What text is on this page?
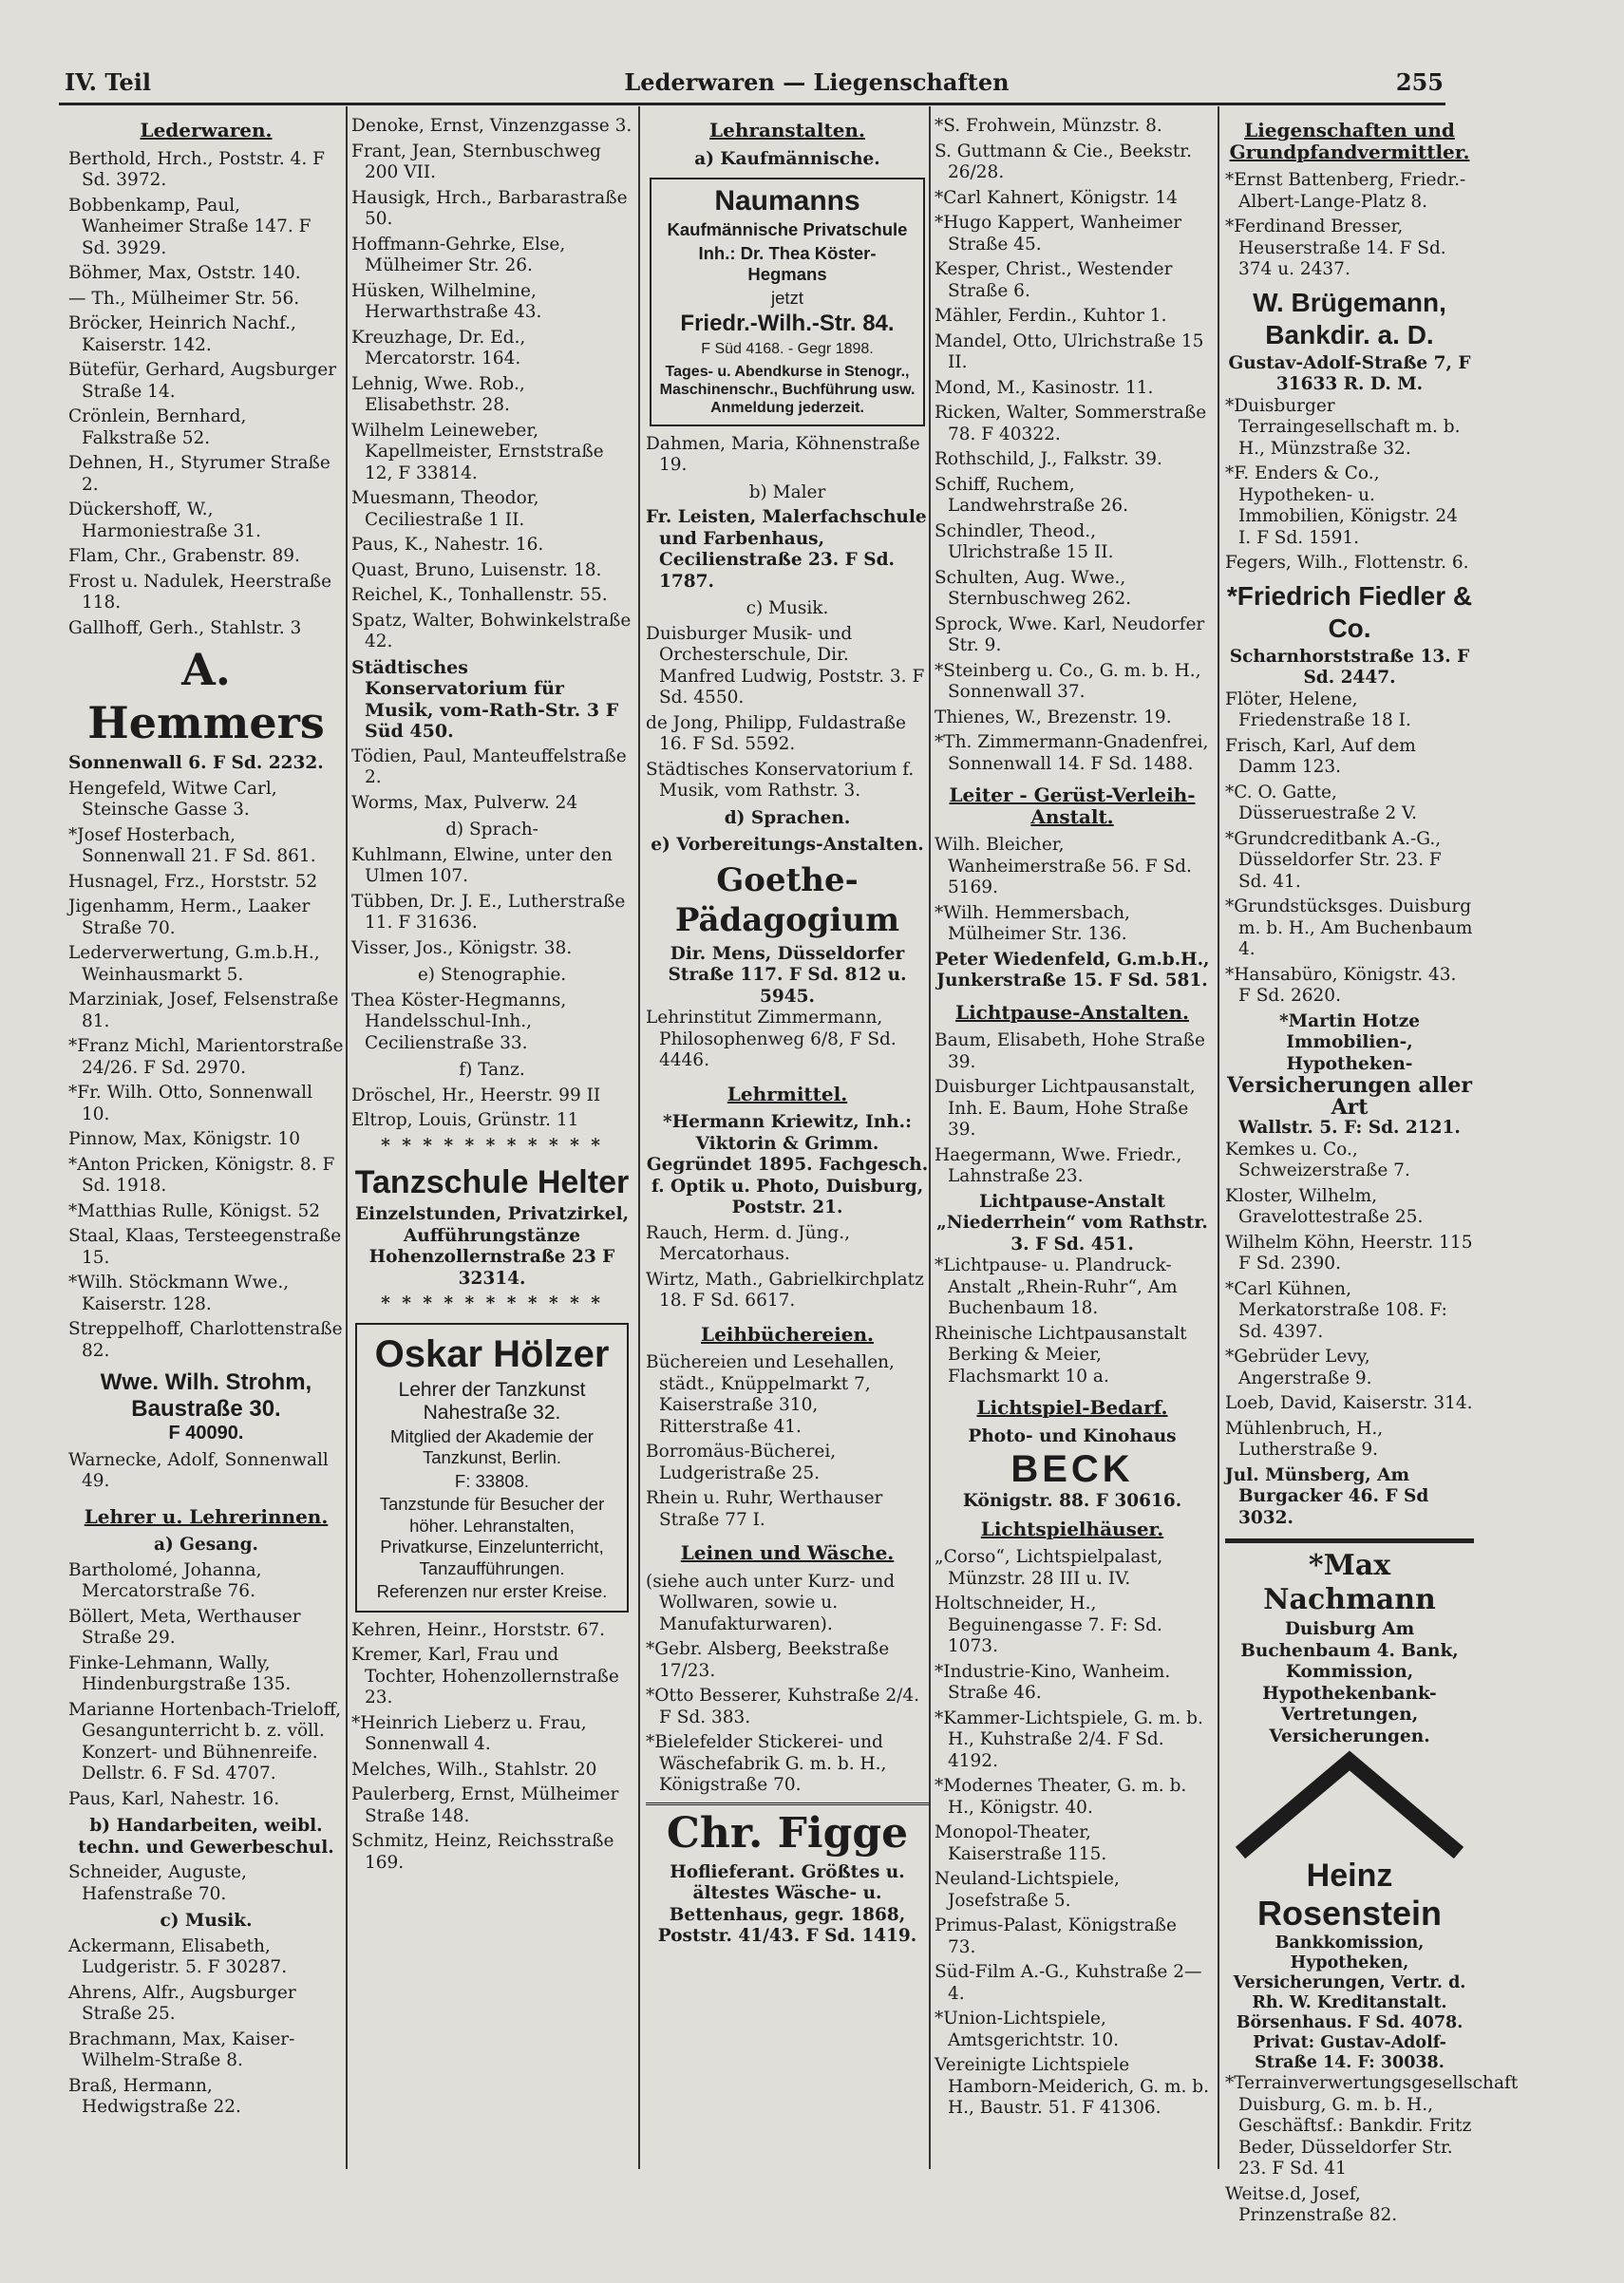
IV. Teil	Lederwaren — Liegenschaften	255
Lederwaren.

Berthold, Hrch., Poststr. 4. F Sd. 3972.

Bobbenkamp, Paul, Wanheimer Straße 147. F Sd. 3929.

Böhmer, Max, Oststr. 140.

— Th., Mülheimer Str. 56.

Bröcker, Heinrich Nachf., Kaiserstr. 142.

Bütefür, Gerhard, Augsburger Straße 14.

Crönlein, Bernhard, Falkstraße 52.

Dehnen, H., Styrumer Straße 2.

Dückershoff, W., Harmoniestraße 31.

Flam, Chr., Grabenstr. 89.

Frost u. Nadulek, Heerstraße 118.

Gallhoff, Gerh., Stahlstr. 3

A. Hemmers

Sonnenwall 6. F Sd. 2232.

Hengefeld, Witwe Carl, Steinsche Gasse 3.

*Josef Hosterbach, Sonnenwall 21. F Sd. 861.

Husnagel, Frz., Horststr. 52

Jigenhamm, Herm., Laaker Straße 70.

Lederverwertung, G.m.b.H., Weinhausmarkt 5.

Marziniak, Josef, Felsenstraße 81.

*Franz Michl, Marientorstraße 24/26. F Sd. 2970.

*Fr. Wilh. Otto, Sonnenwall 10.

Pinnow, Max, Königstr. 10

*Anton Pricken, Königstr. 8. F Sd. 1918.

*Matthias Rulle, Königst. 52

Staal, Klaas, Tersteegenstraße 15.

*Wilh. Stöckmann Wwe., Kaiserstr. 128.

Streppelhoff, Charlottenstraße 82.

Wwe. Wilh. Strohm,
Baustraße 30.
F 40090.

Warnecke, Adolf, Sonnenwall 49.

Lehrer u. Lehrerinnen.
a) Gesang.

Bartholomé, Johanna, Mercatorstraße 76.

Böllert, Meta, Werthauser Straße 29.

Finke-Lehmann, Wally, Hindenburgstraße 135.

Marianne Hortenbach-Trieloff, Gesangunterricht b. z. völl. Konzert- und Bühnenreife. Dellstr. 6. F Sd. 4707.

Paus, Karl, Nahestr. 16.

b) Handarbeiten, weibl. techn. und Gewerbeschul.

Schneider, Auguste, Hafenstraße 70.

c) Musik.

Ackermann, Elisabeth, Ludgeristr. 5. F 30287.

Ahrens, Alfr., Augsburger Straße 25.

Brachmann, Max, Kaiser-Wilhelm-Straße 8.

Braß, Hermann, Hedwigstraße 22.

Denoke, Ernst, Vinzenzgasse 3.

Frant, Jean, Sternbuschweg 200 VII.

Hausigk, Hrch., Barbarastraße 50.

Hoffmann-Gehrke, Else, Mülheimer Str. 26.

Hüsken, Wilhelmine, Herwarthstraße 43.

Kreuzhage, Dr. Ed., Mercatorstr. 164.

Lehnig, Wwe. Rob., Elisabethstr. 28.

Wilhelm Leineweber, Kapellmeister, Ernststraße 12, F 33814.

Muesmann, Theodor, Ceciliestraße 1 II.

Paus, K., Nahestr. 16.

Quast, Bruno, Luisenstr. 18.

Reichel, K., Tonhallenstr. 55.

Spatz, Walter, Bohwinkelstraße 42.

Städtisches Konservatorium für Musik, vom-Rath-Str. 3 F Süd 450.

Tödien, Paul, Manteuffelstraße 2.

Worms, Max, Pulverw. 24

d) Sprach-

Kuhlmann, Elwine, unter den Ulmen 107.

Tübben, Dr. J. E., Lutherstraße 11. F 31636.

Visser, Jos., Königstr. 38.

e) Stenographie.

Thea Köster-Hegmanns, Handelsschul-Inh., Cecilienstraße 33.

f) Tanz.

Dröschel, Hr., Heerstr. 99 II

Eltrop, Louis, Grünstr. 11

* * * * * * * * * * *
Tanzschule Helter
Einzelstunden, Privatzirkel, Aufführungstänze Hohenzollernstraße 23 F 32314.
* * * * * * * * * * *
Oskar Hölzer

Lehrer der Tanzkunst

Nahestraße 32.

Mitglied der Akademie der Tanzkunst, Berlin.

F: 33808.

Tanzstunde für Besucher der höher. Lehranstalten, Privatkurse, Einzelunterricht, Tanzaufführungen.

Referenzen nur erster Kreise.

Kehren, Heinr., Horststr. 67.

Kremer, Karl, Frau und Tochter, Hohenzollernstraße 23.

*Heinrich Lieberz u. Frau, Sonnenwall 4.

Melches, Wilh., Stahlstr. 20

Paulerberg, Ernst, Mülheimer Straße 148.

Schmitz, Heinz, Reichsstraße 169.

Lehranstalten.
a) Kaufmännische.
Naumanns

Kaufmännische Privatschule

Inh.: Dr. Thea Köster-Hegmans

jetzt

Friedr.-Wilh.-Str. 84.

F Süd 4168. - Gegr 1898.

Tages- u. Abendkurse in Stenogr., Maschinenschr., Buchführung usw. Anmeldung jederzeit.

Dahmen, Maria, Köhnenstraße 19.

b) Maler

Fr. Leisten, Malerfachschule und Farbenhaus, Cecilienstraße 23. F Sd. 1787.

c) Musik.

Duisburger Musik- und Orchesterschule, Dir. Manfred Ludwig, Poststr. 3. F Sd. 4550.

de Jong, Philipp, Fuldastraße 16. F Sd. 5592.

Städtisches Konservatorium f. Musik, vom Rathstr. 3.

d) Sprachen.
e) Vorbereitungs-Anstalten.
Goethe-Pädagogium
Dir. Mens, Düsseldorfer Straße 117. F Sd. 812 u. 5945.

Lehrinstitut Zimmermann, Philosophenweg 6/8, F Sd. 4446.

Lehrmittel.

*Hermann Kriewitz, Inh.: Viktorin & Grimm. Gegründet 1895. Fachgesch. f. Optik u. Photo, Duisburg, Poststr. 21.

Rauch, Herm. d. Jüng., Mercatorhaus.

Wirtz, Math., Gabrielkirchplatz 18. F Sd. 6617.

Leihbüchereien.

Büchereien und Lesehallen, städt., Knüppelmarkt 7, Kaiserstraße 310, Ritterstraße 41.

Borromäus-Bücherei, Ludgeristraße 25.

Rhein u. Ruhr, Werthauser Straße 77 I.

Leinen und Wäsche.

(siehe auch unter Kurz- und Wollwaren, sowie u. Manufakturwaren).

*Gebr. Alsberg, Beekstraße 17/23.

*Otto Besserer, Kuhstraße 2/4. F Sd. 383.

*Bielefelder Stickerei- und Wäschefabrik G. m. b. H., Königstraße 70.

Chr. Figge
Hoflieferant. Größtes u. ältestes Wäsche- u. Bettenhaus, gegr. 1868, Poststr. 41/43. F Sd. 1419.

*S. Frohwein, Münzstr. 8.

S. Guttmann & Cie., Beekstr. 26/28.

*Carl Kahnert, Königstr. 14

*Hugo Kappert, Wanheimer Straße 45.

Kesper, Christ., Westender Straße 6.

Mähler, Ferdin., Kuhtor 1.

Mandel, Otto, Ulrichstraße 15 II.

Mond, M., Kasinostr. 11.

Ricken, Walter, Sommerstraße 78. F 40322.

Rothschild, J., Falkstr. 39.

Schiff, Ruchem, Landwehrstraße 26.

Schindler, Theod., Ulrichstraße 15 II.

Schulten, Aug. Wwe., Sternbuschweg 262.

Sprock, Wwe. Karl, Neudorfer Str. 9.

*Steinberg u. Co., G. m. b. H., Sonnenwall 37.

Thienes, W., Brezenstr. 19.

*Th. Zimmermann-Gnadenfrei, Sonnenwall 14. F Sd. 1488.

Leiter - Gerüst-Verleih-Anstalt.

Wilh. Bleicher, Wanheimerstraße 56. F Sd. 5169.

*Wilh. Hemmersbach, Mülheimer Str. 136.

Peter Wiedenfeld, G.m.b.H., Junkerstraße 15. F Sd. 581.
Lichtpause-Anstalten.

Baum, Elisabeth, Hohe Straße 39.

Duisburger Lichtpausanstalt, Inh. E. Baum, Hohe Straße 39.

Haegermann, Wwe. Friedr., Lahnstraße 23.

Lichtpause-Anstalt „Niederrhein“ vom Rathstr. 3. F Sd. 451.

*Lichtpause- u. Plandruck-Anstalt „Rhein-Ruhr“, Am Buchenbaum 18.

Rheinische Lichtpausanstalt Berking & Meier, Flachsmarkt 10 a.

Lichtspiel-Bedarf.
Photo- und Kinohaus
BECK
Königstr. 88. F 30616.
Lichtspielhäuser.

„Corso“, Lichtspielpalast, Münzstr. 28 III u. IV.

Holtschneider, H., Beguinengasse 7. F: Sd. 1073.

*Industrie-Kino, Wanheim. Straße 46.

*Kammer-Lichtspiele, G. m. b. H., Kuhstraße 2/4. F Sd. 4192.

*Modernes Theater, G. m. b. H., Königstr. 40.

Monopol-Theater, Kaiserstraße 115.

Neuland-Lichtspiele, Josefstraße 5.

Primus-Palast, Königstraße 73.

Süd-Film A.-G., Kuhstraße 2—4.

*Union-Lichtspiele, Amtsgerichtstr. 10.

Vereinigte Lichtspiele Hamborn-Meiderich, G. m. b. H., Baustr. 51. F 41306.

Liegenschaften und Grundpfandvermittler.

*Ernst Battenberg, Friedr.-Albert-Lange-Platz 8.

*Ferdinand Bresser, Heuserstraße 14. F Sd. 374 u. 2437.

W. Brügemann, Bankdir. a. D.
Gustav-Adolf-Straße 7, F 31633 R. D. M.

*Duisburger Terraingesellschaft m. b. H., Münzstraße 32.

*F. Enders & Co., Hypotheken- u. Immobilien, Königstr. 24 I. F Sd. 1591.

Fegers, Wilh., Flottenstr. 6.

*Friedrich Fiedler & Co.
Scharnhorststraße 13. F Sd. 2447.

Flöter, Helene, Friedenstraße 18 I.

Frisch, Karl, Auf dem Damm 123.

*C. O. Gatte, Düsseruestraße 2 V.

*Grundcreditbank A.-G., Düsseldorfer Str. 23. F Sd. 41.

*Grundstücksges. Duisburg m. b. H., Am Buchenbaum 4.

*Hansabüro, Königstr. 43. F Sd. 2620.

*Martin Hotze
Immobilien-, Hypotheken-
Versicherungen aller Art
Wallstr. 5. F: Sd. 2121.

Kemkes u. Co., Schweizerstraße 7.

Kloster, Wilhelm, Gravelottestraße 25.

Wilhelm Köhn, Heerstr. 115 F Sd. 2390.

*Carl Kühnen, Merkatorstraße 108. F: Sd. 4397.

*Gebrüder Levy, Angerstraße 9.

Loeb, David, Kaiserstr. 314.

Mühlenbruch, H., Lutherstraße 9.

Jul. Münsberg, Am Burgacker 46. F Sd 3032.

*Max Nachmann
Duisburg Am Buchenbaum 4. Bank, Kommission, Hypothekenbank-Vertretungen, Versicherungen.
Heinz
Rosenstein
Bankkomission, Hypotheken, Versicherungen, Vertr. d. Rh. W. Kreditanstalt. Börsenhaus. F Sd. 4078. Privat: Gustav-Adolf-Straße 14. F: 30038.

*Terrainverwertungsgesellschaft Duisburg, G. m. b. H., Geschäftsf.: Bankdir. Fritz Beder, Düsseldorfer Str. 23. F Sd. 41

Weitse.d, Josef, Prinzenstraße 82.
